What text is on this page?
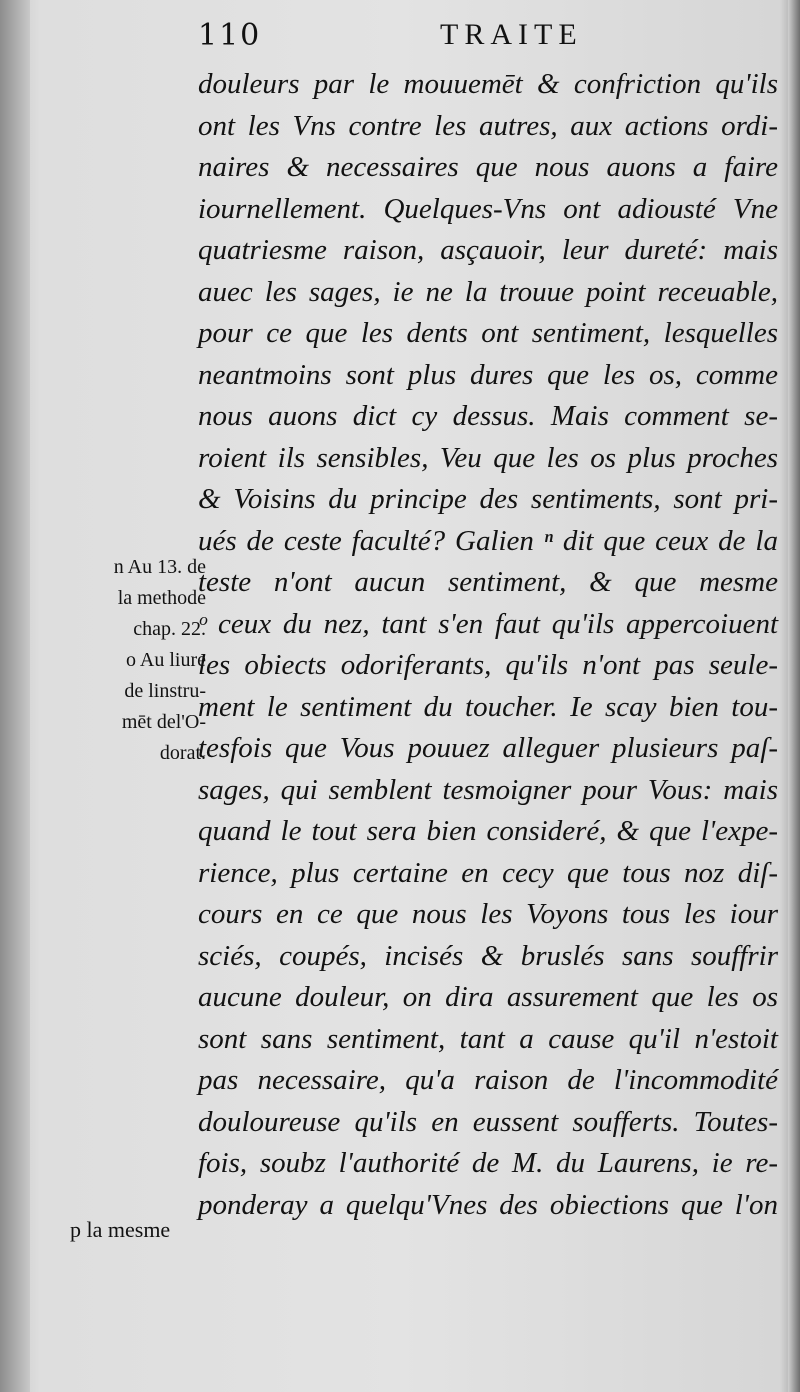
110	TRAITE
douleurs par le mouuemēt & confriction qu'ils
ont les Vns contre les autres, aux actions ordi-
naires & necessaires que nous auons a faire
iournellement. Quelques-Vns ont adiousté Vne
quatriesme raison, asçauoir, leur dureté: mais
auec les sages, ie ne la trouue point receuable,
pour ce que les dents ont sentiment, lesquelles
neantmoins sont plus dures que les os, comme
nous auons dict cy dessus. Mais comment se-
roient ils sensibles, Veu que les os plus proches
& Voisins du principe des sentiments, sont pri-
ués de ceste faculté? Galien ⁿ dit que ceux de la
teste n'ont aucun sentiment, & que mesme
ᵒ ceux du nez, tant s'en faut qu'ils appercoiuent
les obiects odoriferants, qu'ils n'ont pas seule-
ment le sentiment du toucher. Ie scay bien tou-
tesfois que Vous pouuez alleguer plusieurs paſ-
sages, qui semblent tesmoigner pour Vous: mais
quand le tout sera bien consideré, & que l'expe-
rience, plus certaine en cecy que tous noz diſ-
cours en ce que nous les Voyons tous les iour
sciés, coupés, incisés & bruslés sans souffrir
aucune douleur, on dira assurement que les os
sont sans sentiment, tant a cause qu'il n'estoit
pas necessaire, qu'a raison de l'incommodité
douloureuse qu'ils en eussent soufferts. Toutes-
fois, soubz l'authorité de M. du Laurens, ie re-
ponderay a quelqu'Vnes des obiections que l'on
n Au 13. de
la methode
chap. 22.
o Au liure
de linstru-
mēt del'O-
dorat.
p la mesme
